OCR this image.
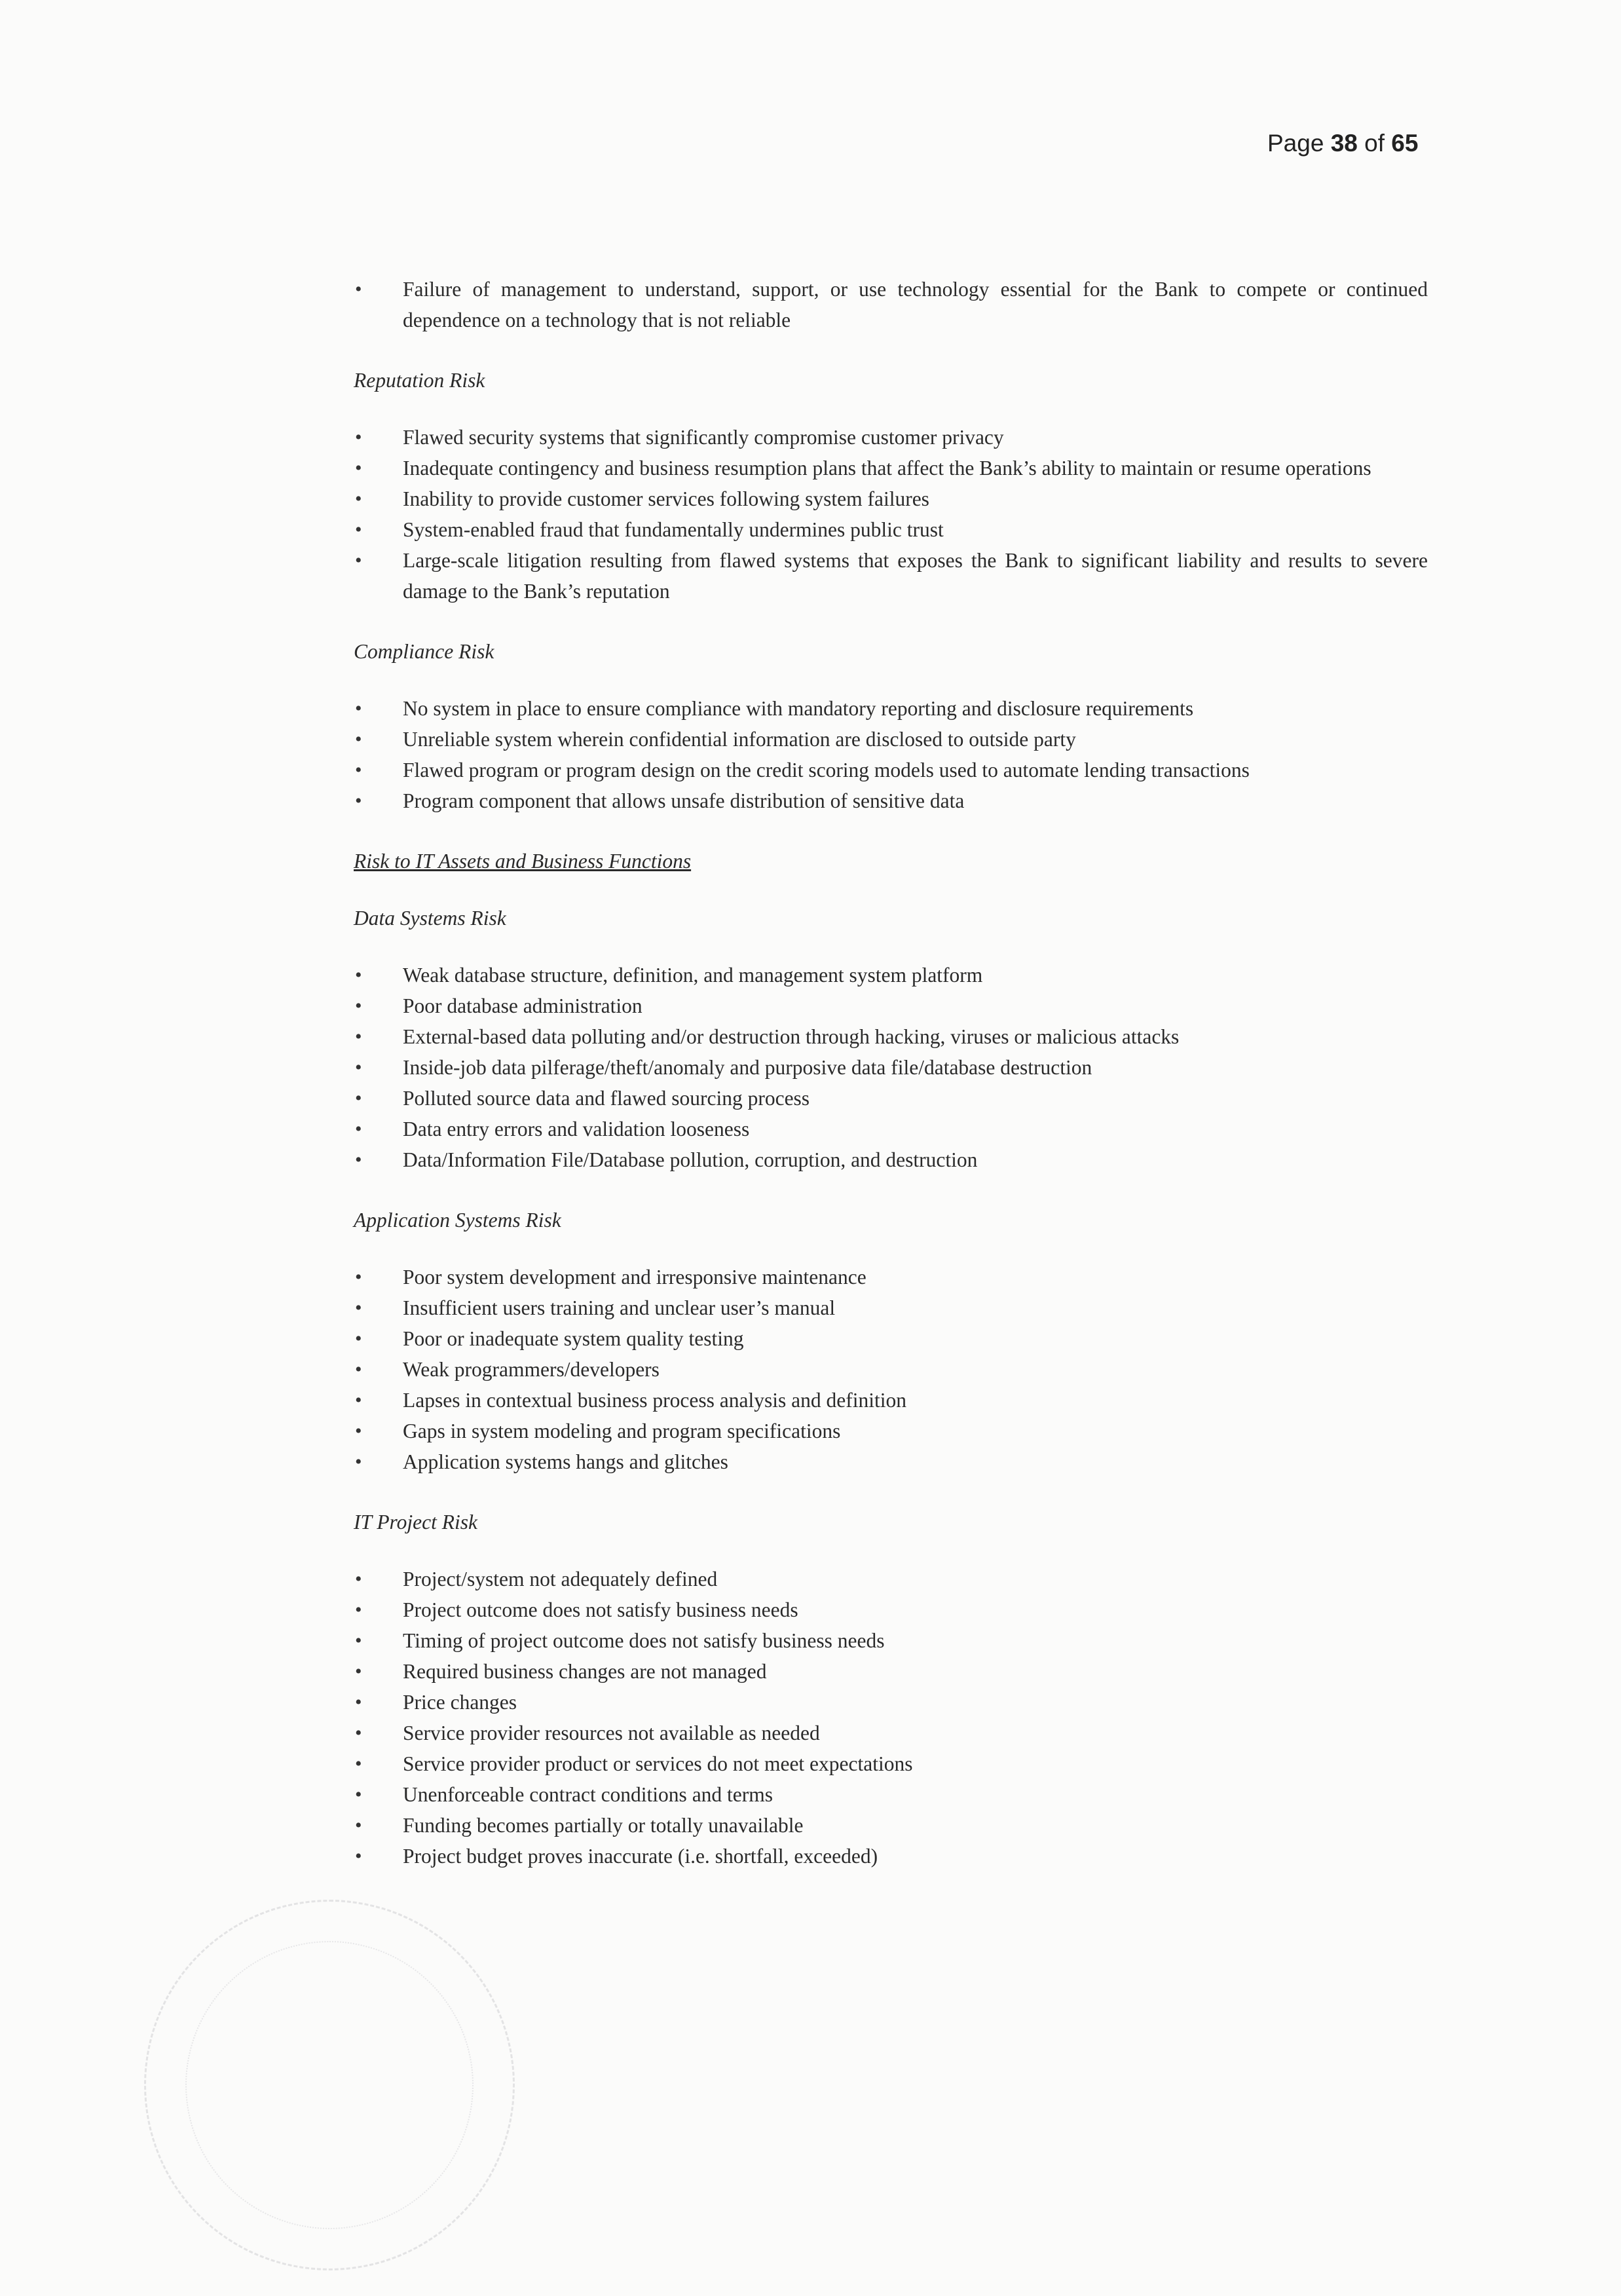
Page 38 of 65
• Failure of management to understand, support, or use technology essential for the Bank to compete or continued dependence on a technology that is not reliable
Reputation Risk
• Flawed security systems that significantly compromise customer privacy
• Inadequate contingency and business resumption plans that affect the Bank’s ability to maintain or resume operations
• Inability to provide customer services following system failures
• System-enabled fraud that fundamentally undermines public trust
• Large-scale litigation resulting from flawed systems that exposes the Bank to significant liability and results to severe damage to the Bank’s reputation
Compliance Risk
• No system in place to ensure compliance with mandatory reporting and disclosure requirements
• Unreliable system wherein confidential information are disclosed to outside party
• Flawed program or program design on the credit scoring models used to automate lending transactions
• Program component that allows unsafe distribution of sensitive data
Risk to IT Assets and Business Functions
Data Systems Risk
• Weak database structure, definition, and management system platform
• Poor database administration
• External-based data polluting and/or destruction through hacking, viruses or malicious attacks
• Inside-job data pilferage/theft/anomaly and purposive data file/database destruction
• Polluted source data and flawed sourcing process
• Data entry errors and validation looseness
• Data/Information File/Database pollution, corruption, and destruction
Application Systems Risk
• Poor system development and irresponsive maintenance
• Insufficient users training and unclear user’s manual
• Poor or inadequate system quality testing
• Weak programmers/developers
• Lapses in contextual business process analysis and definition
• Gaps in system modeling and program specifications
• Application systems hangs and glitches
IT Project Risk
• Project/system not adequately defined
• Project outcome does not satisfy business needs
• Timing of project outcome does not satisfy business needs
• Required business changes are not managed
• Price changes
• Service provider resources not available as needed
• Service provider product or services do not meet expectations
• Unenforceable contract conditions and terms
• Funding becomes partially or totally unavailable
• Project budget proves inaccurate (i.e. shortfall, exceeded)
